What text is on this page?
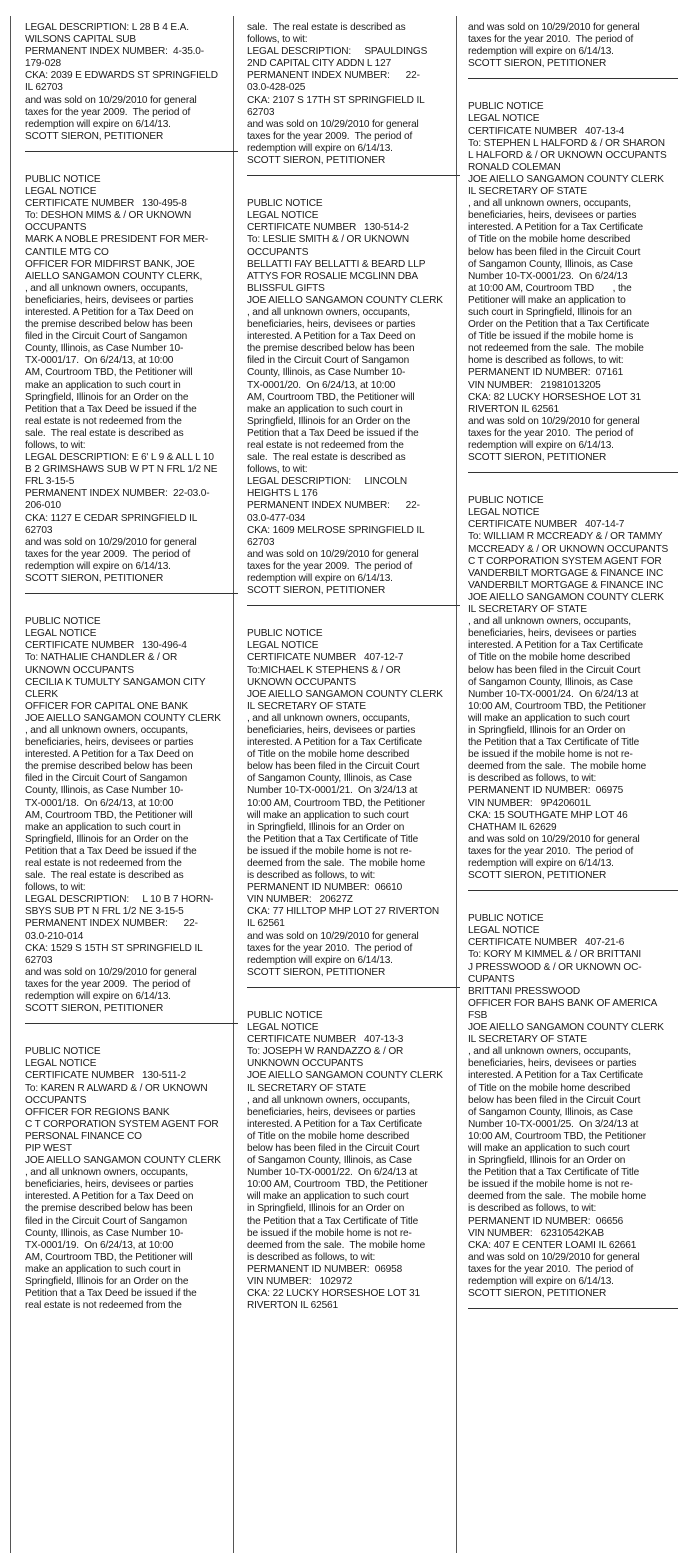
LEGAL DESCRIPTION: L 28 B 4 E.A.
WILSONS CAPITAL SUB
PERMANENT INDEX NUMBER:  4-35.0-
179-028
CKA: 2039 E EDWARDS ST SPRINGFIELD
IL 62703
and was sold on 10/29/2010 for general
taxes for the year 2009.  The period of
redemption will expire on 6/14/13.
SCOTT SIERON, PETITIONER
PUBLIC NOTICE
LEGAL NOTICE
CERTIFICATE NUMBER   130-495-8
To: DESHON MIMS & / OR UKNOWN
OCCUPANTS
MARK A NOBLE PRESIDENT FOR MER-
CANTILE MTG CO
OFFICER FOR MIDFIRST BANK, JOE
AIELLO SANGAMON COUNTY CLERK,
, and all unknown owners, occupants,
beneficiaries, heirs, devisees or parties
interested. A Petition for a Tax Deed on
the premise described below has been
filed in the Circuit Court of Sangamon
County, Illinois, as Case Number 10-
TX-0001/17.  On 6/24/13, at 10:00
AM, Courtroom TBD, the Petitioner will
make an application to such court in
Springfield, Illinois for an Order on the
Petition that a Tax Deed be issued if the
real estate is not redeemed from the
sale.  The real estate is described as
follows, to wit:
LEGAL DESCRIPTION: E 6' L 9 & ALL L 10
B 2 GRIMSHAWS SUB W PT N FRL 1/2 NE
FRL 3-15-5
PERMANENT INDEX NUMBER:  22-03.0-
206-010
CKA: 1127 E CEDAR SPRINGFIELD IL
62703
and was sold on 10/29/2010 for general
taxes for the year 2009.  The period of
redemption will expire on 6/14/13.
SCOTT SIERON, PETITIONER
PUBLIC NOTICE
LEGAL NOTICE
CERTIFICATE NUMBER   130-496-4
To: NATHALIE CHANDLER & / OR
UKNOWN OCCUPANTS
CECILIA K TUMULTY SANGAMON CITY
CLERK
OFFICER FOR CAPITAL ONE BANK
JOE AIELLO SANGAMON COUNTY CLERK
, and all unknown owners, occupants,
beneficiaries, heirs, devisees or parties
interested. A Petition for a Tax Deed on
the premise described below has been
filed in the Circuit Court of Sangamon
County, Illinois, as Case Number 10-
TX-0001/18.  On 6/24/13, at 10:00
AM, Courtroom TBD, the Petitioner will
make an application to such court in
Springfield, Illinois for an Order on the
Petition that a Tax Deed be issued if the
real estate is not redeemed from the
sale.  The real estate is described as
follows, to wit:
LEGAL DESCRIPTION:     L 10 B 7 HORN-
SBYS SUB PT N FRL 1/2 NE 3-15-5
PERMANENT INDEX NUMBER:      22-
03.0-210-014
CKA: 1529 S 15TH ST SPRINGFIELD IL
62703
and was sold on 10/29/2010 for general
taxes for the year 2009.  The period of
redemption will expire on 6/14/13.
SCOTT SIERON, PETITIONER
PUBLIC NOTICE
LEGAL NOTICE
CERTIFICATE NUMBER   130-511-2
To: KAREN R ALWARD & / OR UKNOWN
OCCUPANTS
OFFICER FOR REGIONS BANK
C T CORPORATION SYSTEM AGENT FOR
PERSONAL FINANCE CO
PIP WEST
JOE AIELLO SANGAMON COUNTY CLERK
, and all unknown owners, occupants,
beneficiaries, heirs, devisees or parties
interested. A Petition for a Tax Deed on
the premise described below has been
filed in the Circuit Court of Sangamon
County, Illinois, as Case Number 10-
TX-0001/19.  On 6/24/13, at 10:00
AM, Courtroom TBD, the Petitioner will
make an application to such court in
Springfield, Illinois for an Order on the
Petition that a Tax Deed be issued if the
real estate is not redeemed from the
sale.  The real estate is described as
follows, to wit:
LEGAL DESCRIPTION:     SPAULDINGS
2ND CAPITAL CITY ADDN L 127
PERMANENT INDEX NUMBER:      22-
03.0-428-025
CKA: 2107 S 17TH ST SPRINGFIELD IL
62703
and was sold on 10/29/2010 for general
taxes for the year 2009.  The period of
redemption will expire on 6/14/13.
SCOTT SIERON, PETITIONER
PUBLIC NOTICE
LEGAL NOTICE
CERTIFICATE NUMBER   130-514-2
To: LESLIE SMITH & / OR UKNOWN
OCCUPANTS
BELLATTI FAY BELLATTI & BEARD LLP
ATTYS FOR ROSALIE MCGLINN DBA
BLISSFUL GIFTS
JOE AIELLO SANGAMON COUNTY CLERK
, and all unknown owners, occupants,
beneficiaries, heirs, devisees or parties
interested. A Petition for a Tax Deed on
the premise described below has been
filed in the Circuit Court of Sangamon
County, Illinois, as Case Number 10-
TX-0001/20.  On 6/24/13, at 10:00
AM, Courtroom TBD, the Petitioner will
make an application to such court in
Springfield, Illinois for an Order on the
Petition that a Tax Deed be issued if the
real estate is not redeemed from the
sale.  The real estate is described as
follows, to wit:
LEGAL DESCRIPTION:     LINCOLN
HEIGHTS L 176
PERMANENT INDEX NUMBER:      22-
03.0-477-034
CKA: 1609 MELROSE SPRINGFIELD IL
62703
and was sold on 10/29/2010 for general
taxes for the year 2009.  The period of
redemption will expire on 6/14/13.
SCOTT SIERON, PETITIONER
PUBLIC NOTICE
LEGAL NOTICE
CERTIFICATE NUMBER   407-12-7
To:MICHAEL K STEPHENS & / OR
UKNOWN OCCUPANTS
JOE AIELLO SANGAMON COUNTY CLERK
IL SECRETARY OF STATE
, and all unknown owners, occupants,
beneficiaries, heirs, devisees or parties
interested. A Petition for a Tax Certificate
of Title on the mobile home described
below has been filed in the Circuit Court
of Sangamon County, Illinois, as Case
Number 10-TX-0001/21.  On 3/24/13 at
10:00 AM, Courtroom TBD, the Petitioner
will make an application to such court
in Springfield, Illinois for an Order on
the Petition that a Tax Certificate of Title
be issued if the mobile home is not re-
deemed from the sale.  The mobile home
is described as follows, to wit:
PERMANENT ID NUMBER:  06610
VIN NUMBER:   20627Z
CKA: 77 HILLTOP MHP LOT 27 RIVERTON
IL 62561
and was sold on 10/29/2010 for general
taxes for the year 2010.  The period of
redemption will expire on 6/14/13.
SCOTT SIERON, PETITIONER
PUBLIC NOTICE
LEGAL NOTICE
CERTIFICATE NUMBER   407-13-3
To: JOSEPH W RANDAZZO & / OR
UNKNOWN OCCUPANTS
JOE AIELLO SANGAMON COUNTY CLERK
IL SECRETARY OF STATE
, and all unknown owners, occupants,
beneficiaries, heirs, devisees or parties
interested. A Petition for a Tax Certificate
of Title on the mobile home described
below has been filed in the Circuit Court
of Sangamon County, Illinois, as Case
Number 10-TX-0001/22.  On 6/24/13 at
10:00 AM, Courtroom  TBD, the Petitioner
will make an application to such court
in Springfield, Illinois for an Order on
the Petition that a Tax Certificate of Title
be issued if the mobile home is not re-
deemed from the sale.  The mobile home
is described as follows, to wit:
PERMANENT ID NUMBER:  06958
VIN NUMBER:   102972
CKA: 22 LUCKY HORSESHOE LOT 31
RIVERTON IL 62561
and was sold on 10/29/2010 for general
taxes for the year 2010.  The period of
redemption will expire on 6/14/13.
SCOTT SIERON, PETITIONER
PUBLIC NOTICE
LEGAL NOTICE
CERTIFICATE NUMBER   407-13-4
To: STEPHEN L HALFORD & / OR SHARON
L HALFORD & / OR UKNOWN OCCUPANTS
RONALD COLEMAN
JOE AIELLO SANGAMON COUNTY CLERK
IL SECRETARY OF STATE
, and all unknown owners, occupants,
beneficiaries, heirs, devisees or parties
interested. A Petition for a Tax Certificate
of Title on the mobile home described
below has been filed in the Circuit Court
of Sangamon County, Illinois, as Case
Number 10-TX-0001/23.  On 6/24/13
at 10:00 AM, Courtroom TBD       , the
Petitioner will make an application to
such court in Springfield, Illinois for an
Order on the Petition that a Tax Certificate
of Title be issued if the mobile home is
not redeemed from the sale.  The mobile
home is described as follows, to wit:
PERMANENT ID NUMBER:  07161
VIN NUMBER:   21981013205
CKA: 82 LUCKY HORSESHOE LOT 31
RIVERTON IL 62561
and was sold on 10/29/2010 for general
taxes for the year 2010.  The period of
redemption will expire on 6/14/13.
SCOTT SIERON, PETITIONER
PUBLIC NOTICE
LEGAL NOTICE
CERTIFICATE NUMBER   407-14-7
To: WILLIAM R MCCREADY & / OR TAMMY
MCCREADY & / OR UKNOWN OCCUPANTS
C T CORPORATION SYSTEM AGENT FOR
VANDERBILT MORTGAGE & FINANCE INC
VANDERBILT MORTGAGE & FINANCE INC
JOE AIELLO SANGAMON COUNTY CLERK
IL SECRETARY OF STATE
, and all unknown owners, occupants,
beneficiaries, heirs, devisees or parties
interested. A Petition for a Tax Certificate
of Title on the mobile home described
below has been filed in the Circuit Court
of Sangamon County, Illinois, as Case
Number 10-TX-0001/24.  On 6/24/13 at
10:00 AM, Courtroom TBD, the Petitioner
will make an application to such court
in Springfield, Illinois for an Order on
the Petition that a Tax Certificate of Title
be issued if the mobile home is not re-
deemed from the sale.  The mobile home
is described as follows, to wit:
PERMANENT ID NUMBER:  06975
VIN NUMBER:   9P420601L
CKA: 15 SOUTHGATE MHP LOT 46
CHATHAM IL 62629
and was sold on 10/29/2010 for general
taxes for the year 2010.  The period of
redemption will expire on 6/14/13.
SCOTT SIERON, PETITIONER
PUBLIC NOTICE
LEGAL NOTICE
CERTIFICATE NUMBER   407-21-6
To: KORY M KIMMEL & / OR BRITTANI
J PRESSWOOD & / OR UKNOWN OC-
CUPANTS
BRITTANI PRESSWOOD
OFFICER FOR BAHS BANK OF AMERICA
FSB
JOE AIELLO SANGAMON COUNTY CLERK
IL SECRETARY OF STATE
, and all unknown owners, occupants,
beneficiaries, heirs, devisees or parties
interested. A Petition for a Tax Certificate
of Title on the mobile home described
below has been filed in the Circuit Court
of Sangamon County, Illinois, as Case
Number 10-TX-0001/25.  On 3/24/13 at
10:00 AM, Courtroom TBD, the Petitioner
will make an application to such court
in Springfield, Illinois for an Order on
the Petition that a Tax Certificate of Title
be issued if the mobile home is not re-
deemed from the sale.  The mobile home
is described as follows, to wit:
PERMANENT ID NUMBER:  06656
VIN NUMBER:   62310542KAB
CKA: 407 E CENTER LOAMI IL 62661
and was sold on 10/29/2010 for general
taxes for the year 2010.  The period of
redemption will expire on 6/14/13.
SCOTT SIERON, PETITIONER
